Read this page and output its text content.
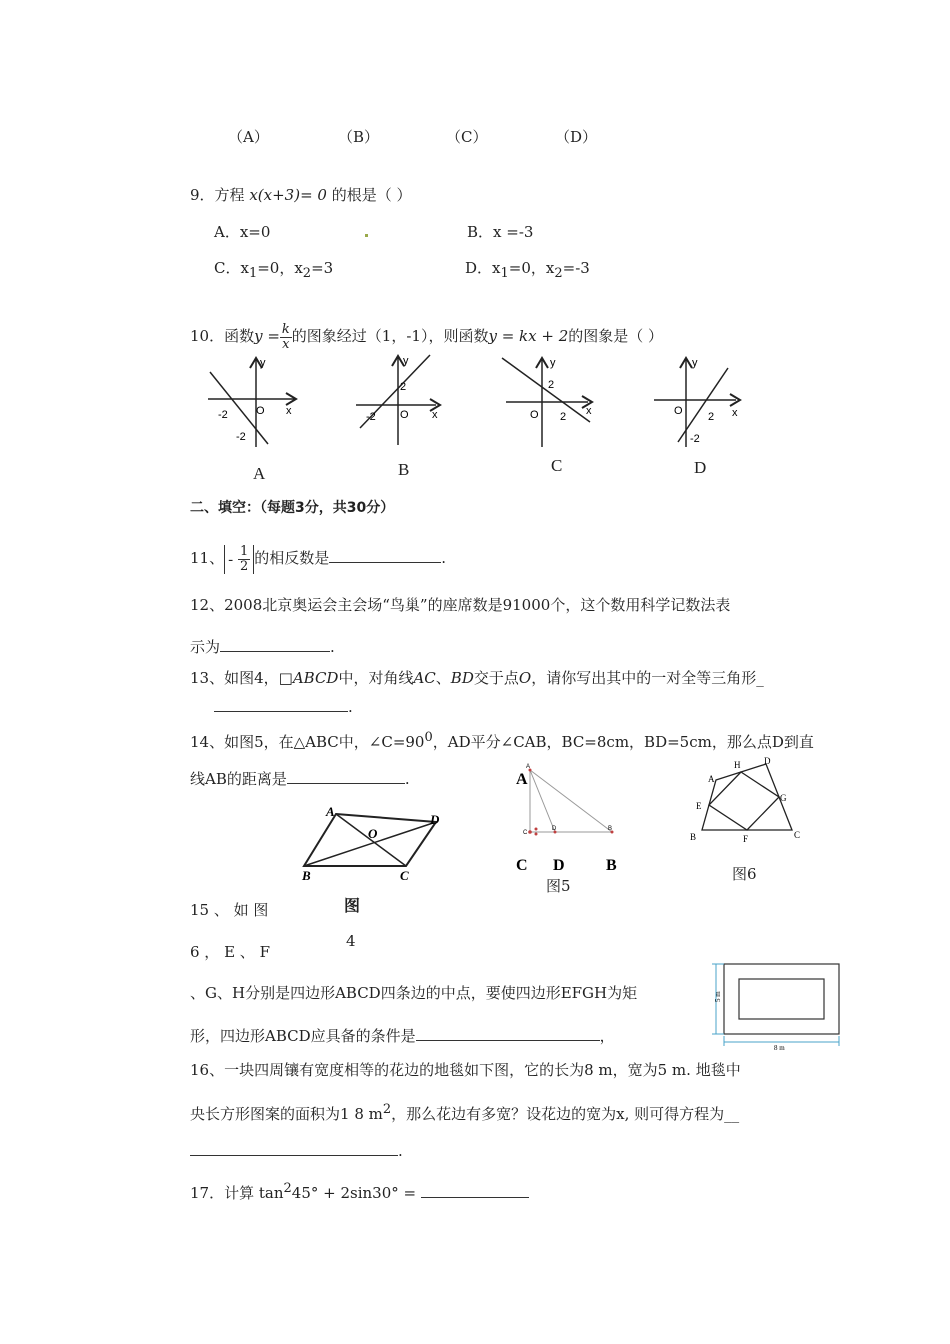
（A）	（B）	（C）	（D）
9．方程 x(x+3)= 0 的根是（ ）
A．x=0	B．x =-3
C．$x_1=0$，$x_2=3$	D．$x_1=0$，$x_2=-3$
10．函数$y = \frac{k}{x}$ 的图象经过（1，-1），则函数y = kx + 2的图象是（ ）
y
x
O
-2
-2
A
y
x
O
-2
2
B
y
x
O 2
2
C
y
x
O 2
-2
D
二、填空：（每题3分，共30分）
11、 - $\frac{1}{2}$ 的相反数是	.
12、2008北京奥运会主会场“鸟巢”的座席数是91000个，这个数用科学记数法表
示为	.
13、如图4，□ABCD中，对角线AC、BD交于点O，请你写出其中的一对全等三角形_
.
14、如图5，在△ABC中，$\angle C=90^0$，AD平分∠CAB，BC=8cm，BD=5cm，那么点D到直
线AB的距离是	.
A
D
B	C
O
图
4
A
C
D	B
A
C D	B
图5
A
H	D
G
E
B	F	C
图6
15 、 如 图
6 ， E 、 F
、G、H分别是四边形ABCD四条边的中点，要使四边形EFGH为矩
形，四边形ABCD应具备的条件是	，
5 m
8 m
16、一块四周镶有宽度相等的花边的地毯如下图，它的长为8 m，宽为5 m. 地毯中
央长方形图案的面积为1 8 $m^2$，那么花边有多宽？设花边的宽为x, 则可得方程为__
.
17．计算 $\tan^245^\circ + 2\sin 30^\circ$ =
